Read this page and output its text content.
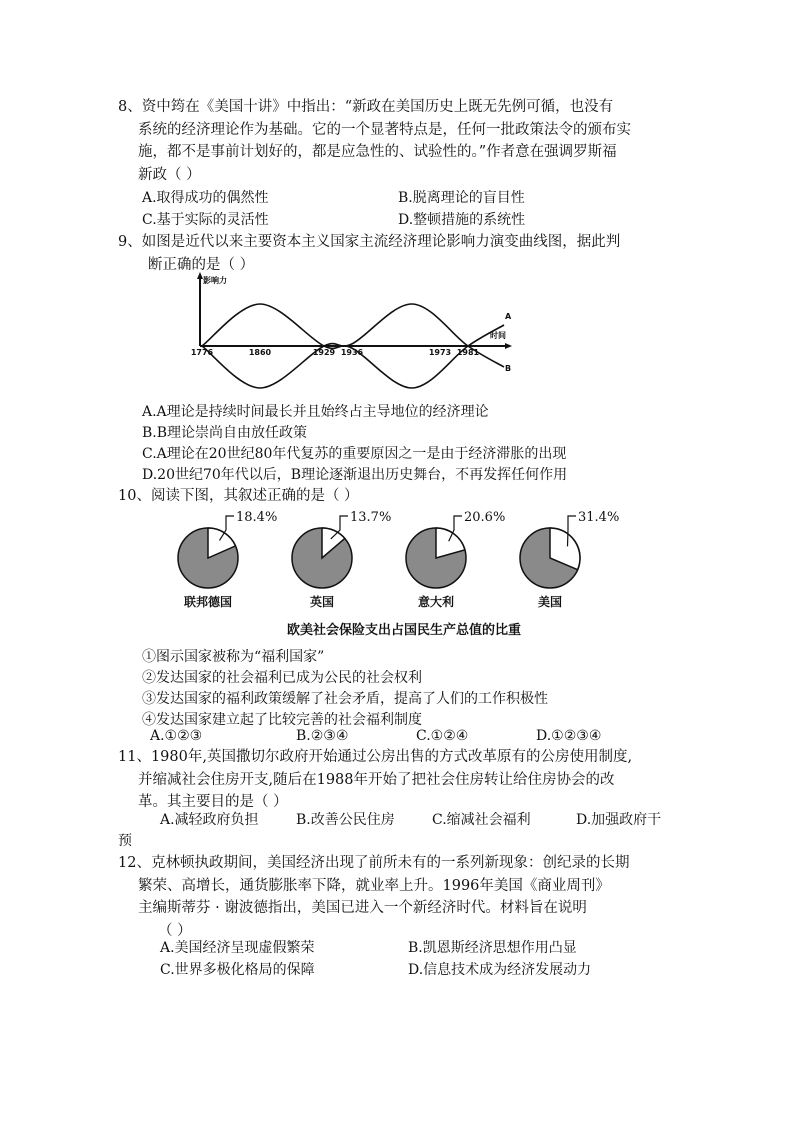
8、资中筠在《美国十讲》中指出：“新政在美国历史上既无先例可循，也没有
系统的经济理论作为基础。它的一个显著特点是，任何一批政策法令的颁布实
施，都不是事前计划好的，都是应急性的、试验性的。”作者意在强调罗斯福
新政（ ）
A.取得成功的偶然性	B.脱离理论的盲目性
C.基于实际的灵活性	D.整顿措施的系统性
9、如图是近代以来主要资本主义国家主流经济理论影响力演变曲线图，据此判
断正确的是（ ）
影响力
时间
A
B
1776	1860	1929 1936	1973 1981
A.A理论是持续时间最长并且始终占主导地位的经济理论
B.B理论崇尚自由放任政策
C.A理论在20世纪80年代复苏的重要原因之一是由于经济滞胀的出现
D.20世纪70年代以后，B理论逐渐退出历史舞台，不再发挥任何作用
10、阅读下图，其叙述正确的是（ ）
18.4%
联邦德国
13.7%
英国
20.6%
意大利
31.4%
美国
欧美社会保险支出占国民生产总值的比重
①图示国家被称为“福利国家”
②发达国家的社会福利已成为公民的社会权利
③发达国家的福利政策缓解了社会矛盾，提高了人们的工作积极性
④发达国家建立起了比较完善的社会福利制度
A.①②③	B.②③④	C.①②④	D.①②③④
11、1980年,英国撒切尔政府开始通过公房出售的方式改革原有的公房使用制度,
并缩减社会住房开支,随后在1988年开始了把社会住房转让给住房协会的改
革。其主要目的是（ ）
A.减轻政府负担	B.改善公民住房	C.缩减社会福利	D.加强政府干
预
12、克林顿执政期间，美国经济出现了前所未有的一系列新现象：创纪录的长期
繁荣、高增长，通货膨胀率下降，就业率上升。1996年美国《商业周刊》
主编斯蒂芬 · 谢波德指出，美国已进入一个新经济时代。材料旨在说明
（ ）
A.美国经济呈现虚假繁荣	B.凯恩斯经济思想作用凸显
C.世界多极化格局的保障	D.信息技术成为经济发展动力
